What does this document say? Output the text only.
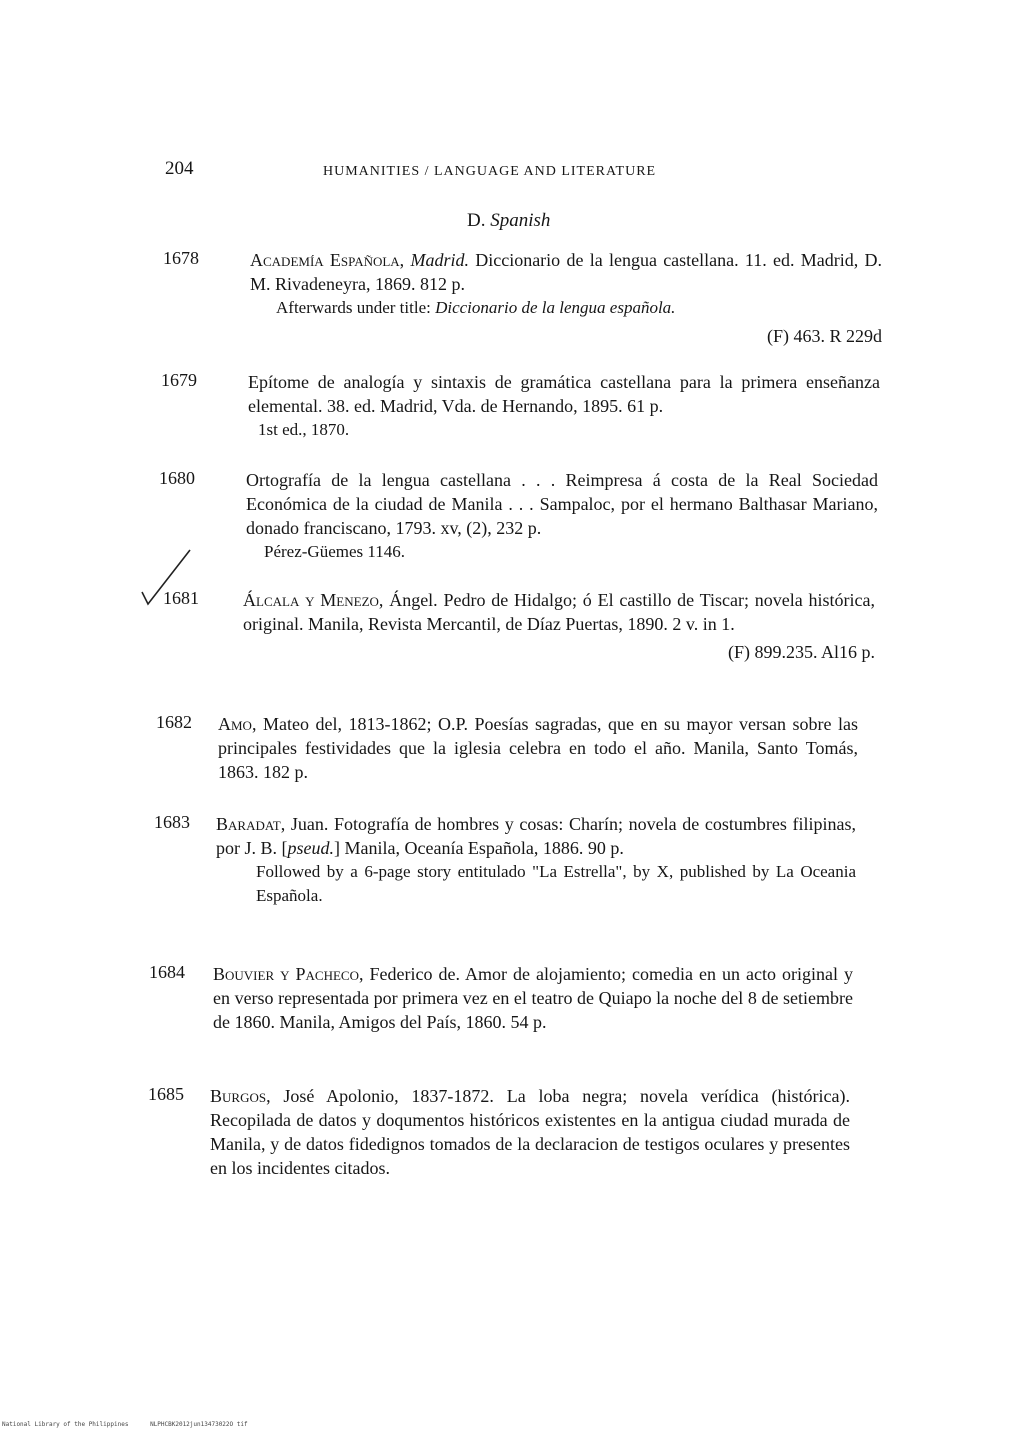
204	HUMANITIES / LANGUAGE AND LITERATURE
D. Spanish
1678	Academía Española, Madrid. Diccionario de la lengua castellana. 11. ed. Madrid, D. M. Rivadeneyra, 1869. 812 p.

Afterwards under title: Diccionario de la lengua española.

(F) 463. R 229d

1679	Epítome de analogía y sintaxis de gramática castellana para la primera enseñanza elemental. 38. ed. Madrid, Vda. de Hernando, 1895. 61 p.

1st ed., 1870.

1680	Ortografía de la lengua castellana . . . Reimpresa á costa de la Real Sociedad Económica de la ciudad de Manila . . . Sampaloc, por el hermano Balthasar Mariano, donado franciscano, 1793. xv, (2), 232 p.

Pérez-Güemes 1146.

1681 Álcala y Menezo, Ángel. Pedro de Hidalgo; ó El castillo de Tiscar; novela histórica, original. Manila, Revista Mercantil, de Díaz Puertas, 1890. 2 v. in 1.

(F) 899.235. Al16 p.

1682 Amo, Mateo del, 1813-1862; O.P. Poesías sagradas, que en su mayor versan sobre las principales festividades que la iglesia celebra en todo el año. Manila, Santo Tomás, 1863. 182 p.

1683 Baradat, Juan. Fotografía de hombres y cosas: Charín; novela de costumbres filipinas, por J. B. [pseud.] Manila, Oceanía Española, 1886. 90 p.

Followed by a 6-page story entitulado "La Estrella", by X, published by La Oceania Española.

1684 Bouvier y Pacheco, Federico de. Amor de alojamiento; comedia en un acto original y en verso representada por primera vez en el teatro de Quiapo la noche del 8 de setiembre de 1860. Manila, Amigos del País, 1860. 54 p.

1685 Burgos, José Apolonio, 1837-1872. La loba negra; novela verídica (histórica). Recopilada de datos y doqumentos históricos existentes en la antigua ciudad murada de Manila, y de datos fidedignos tomados de la declaracion de testigos oculares y presentes en los incidentes citados.

National Library of the Philippines	NLPHCBK2012jun13473022O tif
